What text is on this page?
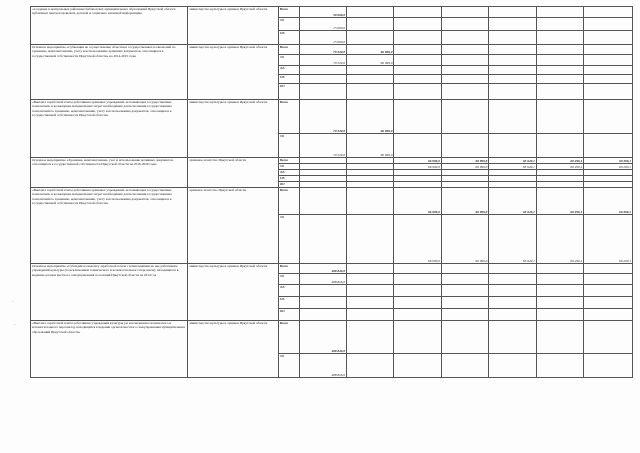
«Создание в центральных районных библиотеках муниципальных образований Иркутской области публичных центров правовой, деловой и социально значимой информации»	министерство культуры и архивов Иркутской области	Всего	50 000,0						
		ОБ	15 000,0						
		МБ	15 000,0						
Основное мероприятие «Субвенция на осуществление областных государственных полномочий по хранению, комплектованию, учету и использованию архивных документов, относящихся к государственной собственности Иркутской области» на 2014-2015 годы	министерство культуры и архивов Иркутской области	Всего	70 529,0	66 999,0					
		ОБ	70 529,0	66 999,0					
		ФБ							
		МБ							
		ИИ							
«Выплата заработной платы работникам архивных учреждений, исполняющих государственные полномочия, и возмещение материальных затрат необходимых для исполнения государственных полномочий по хранению, комплектованию, учету и использованию документов, относящихся к государственной собственности Иркутской области»	министерство культуры и архивов Иркутской области	Всего	70 529,0	66 999,0					
		ОБ	70 529,0	66 999,0					
Основное мероприятие «Хранение, комплектование, учет и использование архивных документов, относящихся к государственной собственности Иркутской области на 2016-2020 годы	архивное агентство Иркутской области	Всего			66 999,0	66 999,0	63 649,1	60 299,1	60 299,1
		ОБ			66 999,0	66 999,0	63 649,1	60 299,1	60 299,1
		ФБ							
		МБ							
		ИИ							
«Выплата заработной платы работникам архивных учреждений, исполняющих государственные полномочия, и возмещение материальных затрат необходимых для исполнения государственных полномочий по хранению, комплектованию, учету и использованию документов, относящихся к государственной собственности Иркутской области»	архивное агентство Иркутской области	Всего			66 999,0	66 999,0	63 649,1	60 299,1	60 299,1
		ОБ			66 999,0	66 999,0	63 649,1	60 299,1	60 299,1
Основное мероприятие «Субсидии на выплату заработной платы с начислениями на нее работникам учреждений культуры (за исключением технического и вспомогательного персонала), находящихся в ведении органов местного самоуправления поселений Иркутской области на 2014 год	министерство культуры и архивов Иркутской области	Всего	488 826,0						
		ОБ	488 826,0						
		ФБ							
		МБ							
		ИИ							
«Выплата заработной платы работникам учреждений культуры (за исключением технического и вспомогательного персонала), находящихся в ведении органов местного самоуправления муниципальных образований Иркутской области»	министерство культуры и архивов Иркутской области	Всего	488 826,0						
		ОБ	488 826,0						
·
·
